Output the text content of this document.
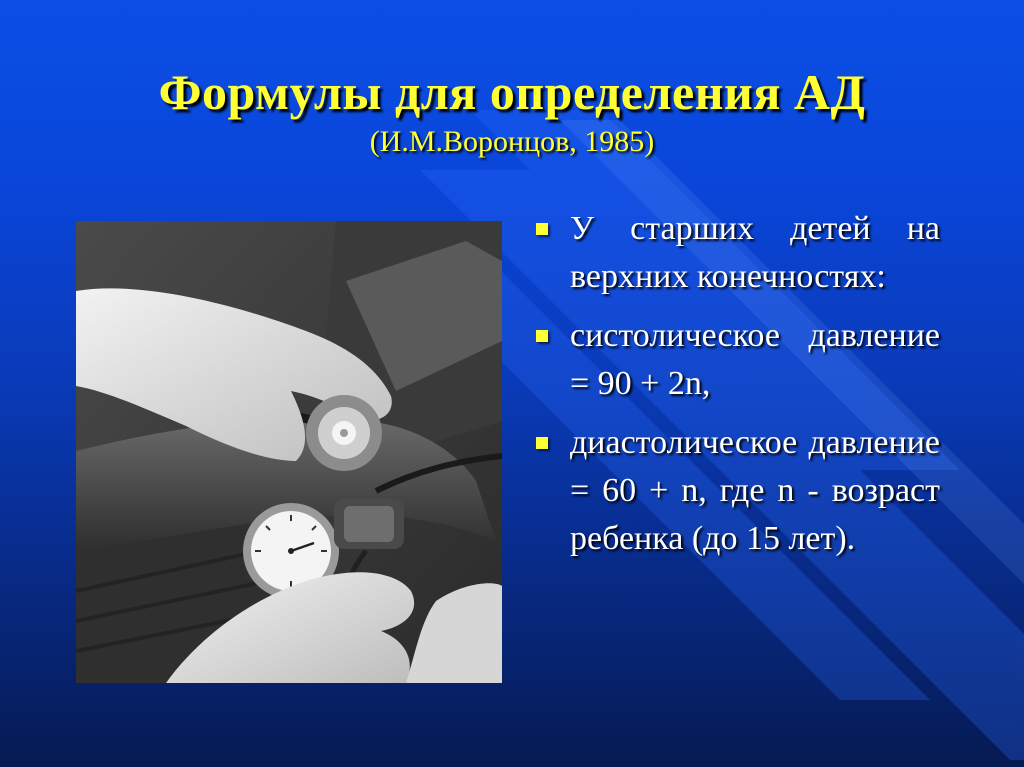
Формулы для определения АД
(И.М.Воронцов, 1985)
У старших детей на верхних конечностях:
систолическое давление = 90 + 2n,
диастолическое давление = 60 + n, где n - возраст ребенка (до 15 лет).
